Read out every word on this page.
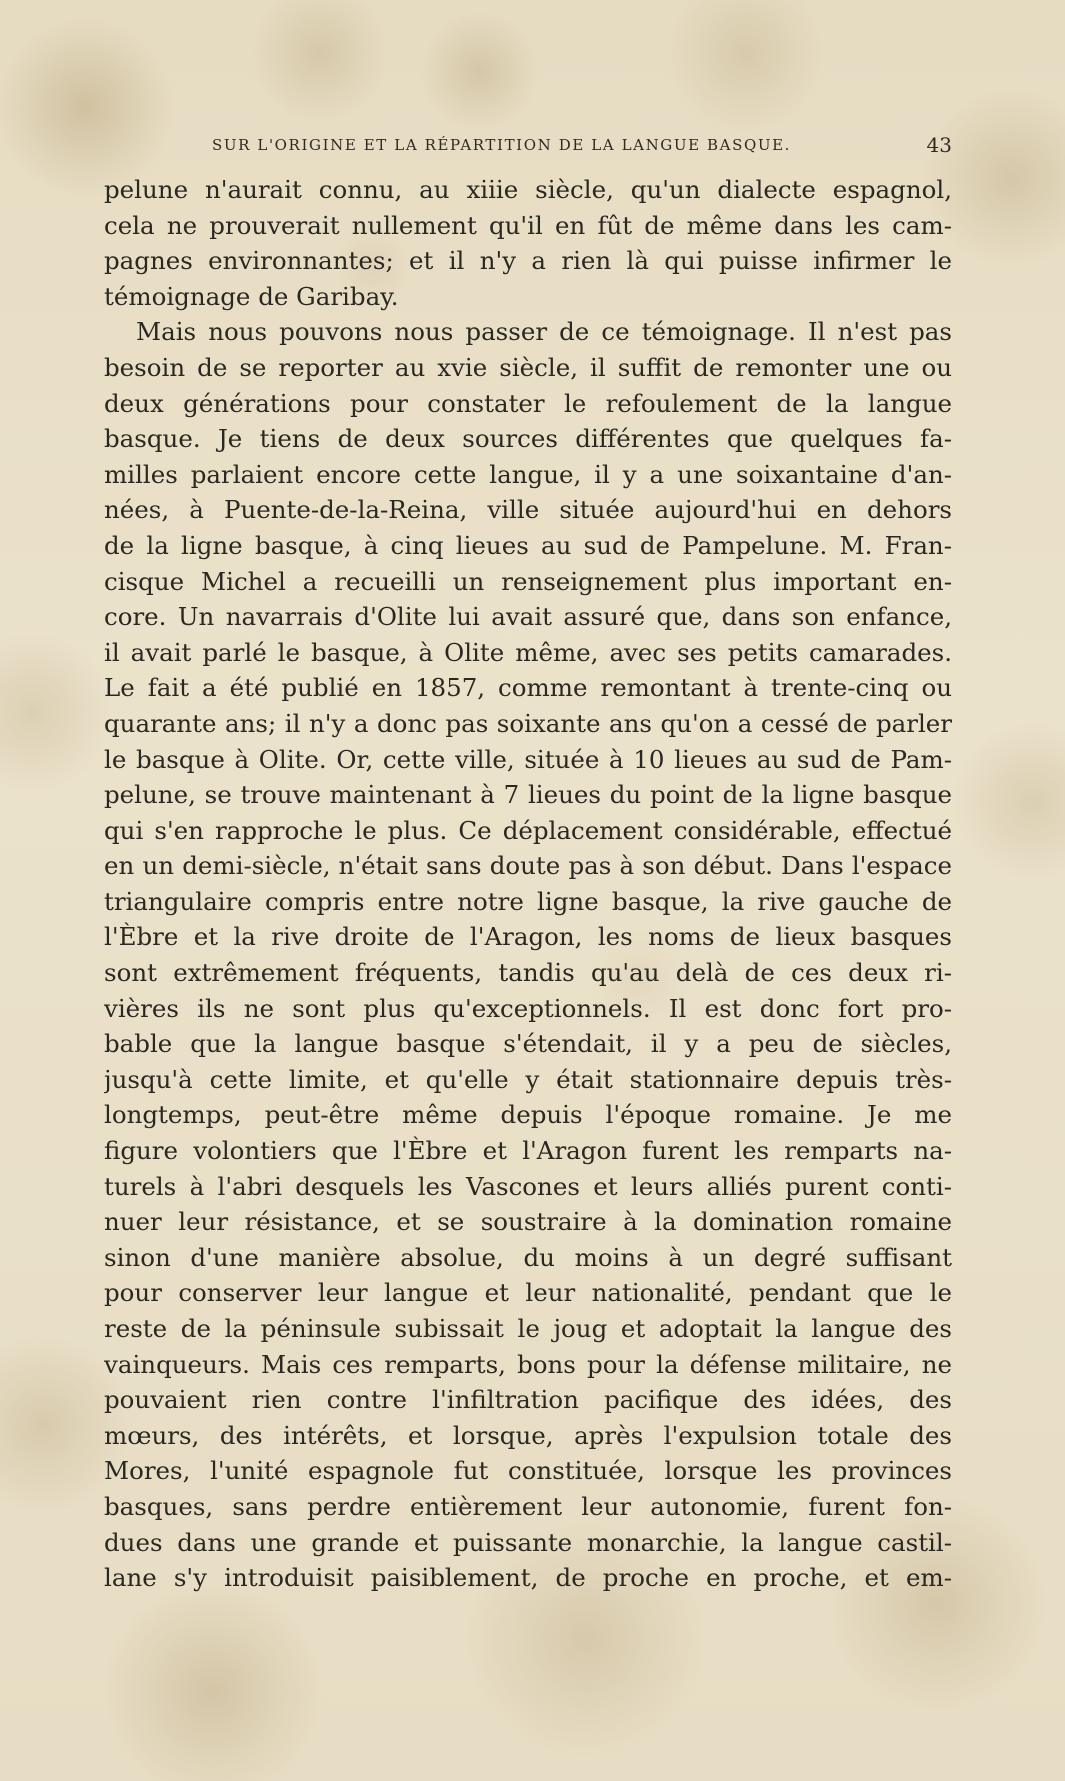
SUR L'ORIGINE ET LA RÉPARTITION DE LA LANGUE BASQUE.	43
pelune n'aurait connu, au xiiie siècle, qu'un dialecte espagnol,
cela ne prouverait nullement qu'il en fût de même dans les cam-
pagnes environnantes; et il n'y a rien là qui puisse infirmer le
témoignage de Garibay.
Mais nous pouvons nous passer de ce témoignage. Il n'est pas
besoin de se reporter au xvie siècle, il suffit de remonter une ou
deux générations pour constater le refoulement de la langue
basque. Je tiens de deux sources différentes que quelques fa-
milles parlaient encore cette langue, il y a une soixantaine d'an-
nées, à Puente-de-la-Reina, ville située aujourd'hui en dehors
de la ligne basque, à cinq lieues au sud de Pampelune. M. Fran-
cisque Michel a recueilli un renseignement plus important en-
core. Un navarrais d'Olite lui avait assuré que, dans son enfance,
il avait parlé le basque, à Olite même, avec ses petits camarades.
Le fait a été publié en 1857, comme remontant à trente-cinq ou
quarante ans; il n'y a donc pas soixante ans qu'on a cessé de parler
le basque à Olite. Or, cette ville, située à 10 lieues au sud de Pam-
pelune, se trouve maintenant à 7 lieues du point de la ligne basque
qui s'en rapproche le plus. Ce déplacement considérable, effectué
en un demi-siècle, n'était sans doute pas à son début. Dans l'espace
triangulaire compris entre notre ligne basque, la rive gauche de
l'Èbre et la rive droite de l'Aragon, les noms de lieux basques
sont extrêmement fréquents, tandis qu'au delà de ces deux ri-
vières ils ne sont plus qu'exceptionnels. Il est donc fort pro-
bable que la langue basque s'étendait, il y a peu de siècles,
jusqu'à cette limite, et qu'elle y était stationnaire depuis très-
longtemps, peut-être même depuis l'époque romaine. Je me
figure volontiers que l'Èbre et l'Aragon furent les remparts na-
turels à l'abri desquels les Vascones et leurs alliés purent conti-
nuer leur résistance, et se soustraire à la domination romaine
sinon d'une manière absolue, du moins à un degré suffisant
pour conserver leur langue et leur nationalité, pendant que le
reste de la péninsule subissait le joug et adoptait la langue des
vainqueurs. Mais ces remparts, bons pour la défense militaire, ne
pouvaient rien contre l'infiltration pacifique des idées, des
mœurs, des intérêts, et lorsque, après l'expulsion totale des
Mores, l'unité espagnole fut constituée, lorsque les provinces
basques, sans perdre entièrement leur autonomie, furent fon-
dues dans une grande et puissante monarchie, la langue castil-
lane s'y introduisit paisiblement, de proche en proche, et em-
